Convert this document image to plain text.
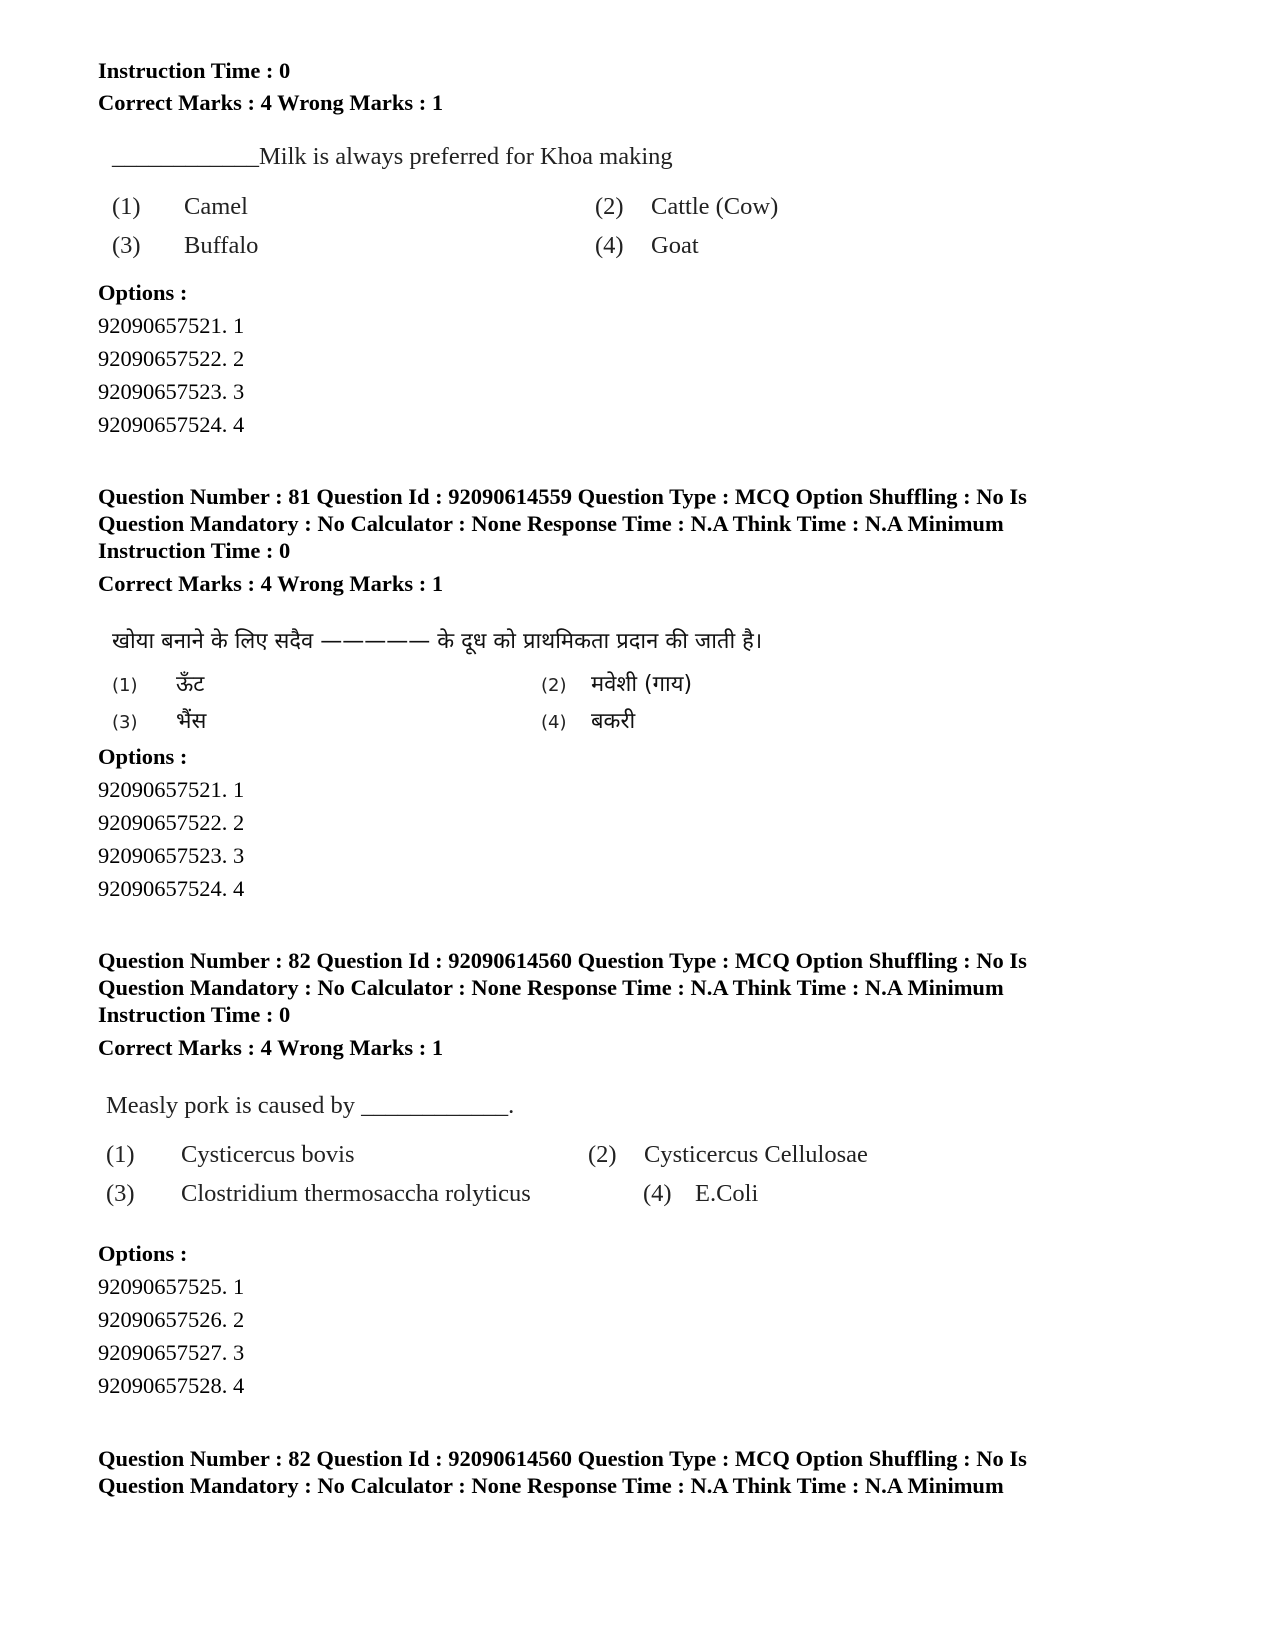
Instruction Time : 0
Correct Marks : 4 Wrong Marks : 1
____________Milk is always preferred for Khoa making
(1) Camel	(2) Cattle (Cow)
(3) Buffalo	(4) Goat
Options :
92090657521. 1
92090657522. 2
92090657523. 3
92090657524. 4
Question Number : 81 Question Id : 92090614559 Question Type : MCQ Option Shuffling : No Is
Question Mandatory : No Calculator : None Response Time : N.A Think Time : N.A Minimum
Instruction Time : 0
Correct Marks : 4 Wrong Marks : 1
खोया बनाने के लिए सदैव ————— के दूध को प्राथमिकता प्रदान की जाती है।
(1) ऊँट	(2) मवेशी (गाय)
(3) भैंस	(4) बकरी
Options :
92090657521. 1
92090657522. 2
92090657523. 3
92090657524. 4
Question Number : 82 Question Id : 92090614560 Question Type : MCQ Option Shuffling : No Is
Question Mandatory : No Calculator : None Response Time : N.A Think Time : N.A Minimum
Instruction Time : 0
Correct Marks : 4 Wrong Marks : 1
Measly pork is caused by ____________.
(1) Cysticercus bovis	(2) Cysticercus Cellulosae
(3) Clostridium thermosaccha rolyticus	(4) E.Coli
Options :
92090657525. 1
92090657526. 2
92090657527. 3
92090657528. 4
Question Number : 82 Question Id : 92090614560 Question Type : MCQ Option Shuffling : No Is
Question Mandatory : No Calculator : None Response Time : N.A Think Time : N.A Minimum
